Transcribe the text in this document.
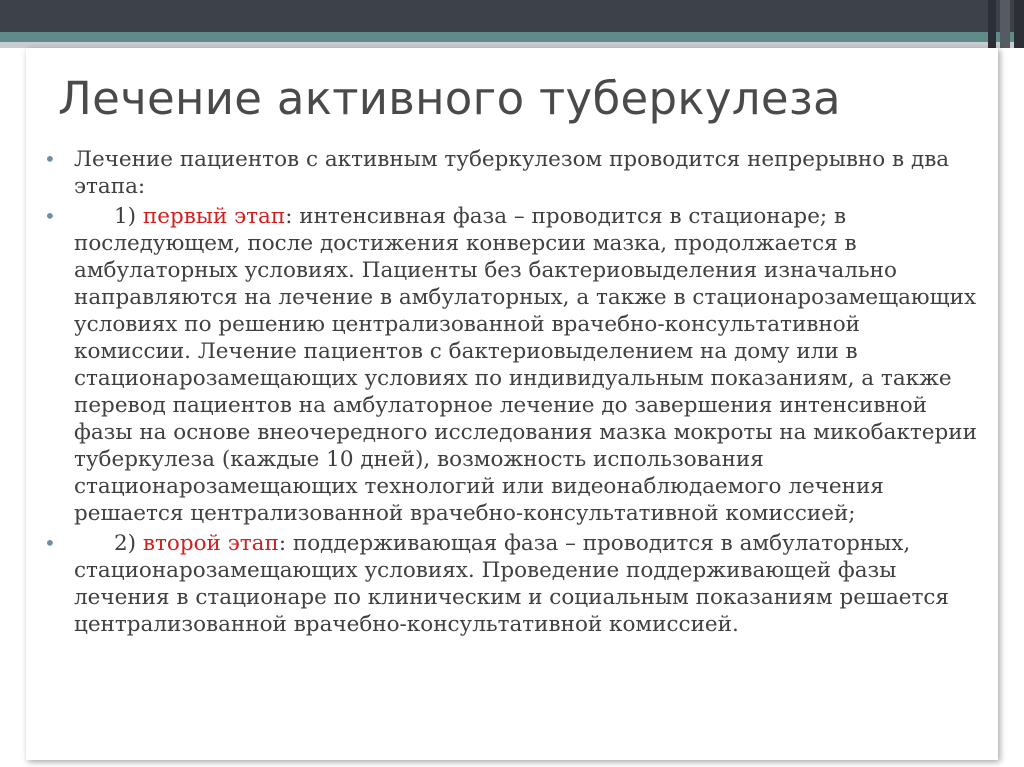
Лечение активного туберкулеза
• Лечение пациентов с активным туберкулезом проводится непрерывно в два этапа:
•	1) первый этап: интенсивная фаза – проводится в стационаре; в последующем, после достижения конверсии мазка, продолжается в амбулаторных условиях. Пациенты без бактериовыделения изначально направляются на лечение в амбулаторных, а также в стационарозамещающих условиях по решению централизованной врачебно-консультативной комиссии. Лечение пациентов с бактериовыделением на дому или в стационарозамещающих условиях по индивидуальным показаниям, а также перевод пациентов на амбулаторное лечение до завершения интенсивной фазы на основе внеочередного исследования мазка мокроты на микобактерии туберкулеза (каждые 10 дней), возможность использования стационарозамещающих технологий или видеонаблюдаемого лечения решается централизованной врачебно-консультативной комиссией;
•	2) второй этап: поддерживающая фаза – проводится в амбулаторных, стационарозамещающих условиях. Проведение поддерживающей фазы лечения в стационаре по клиническим и социальным показаниям решается централизованной врачебно-консультативной комиссией.
